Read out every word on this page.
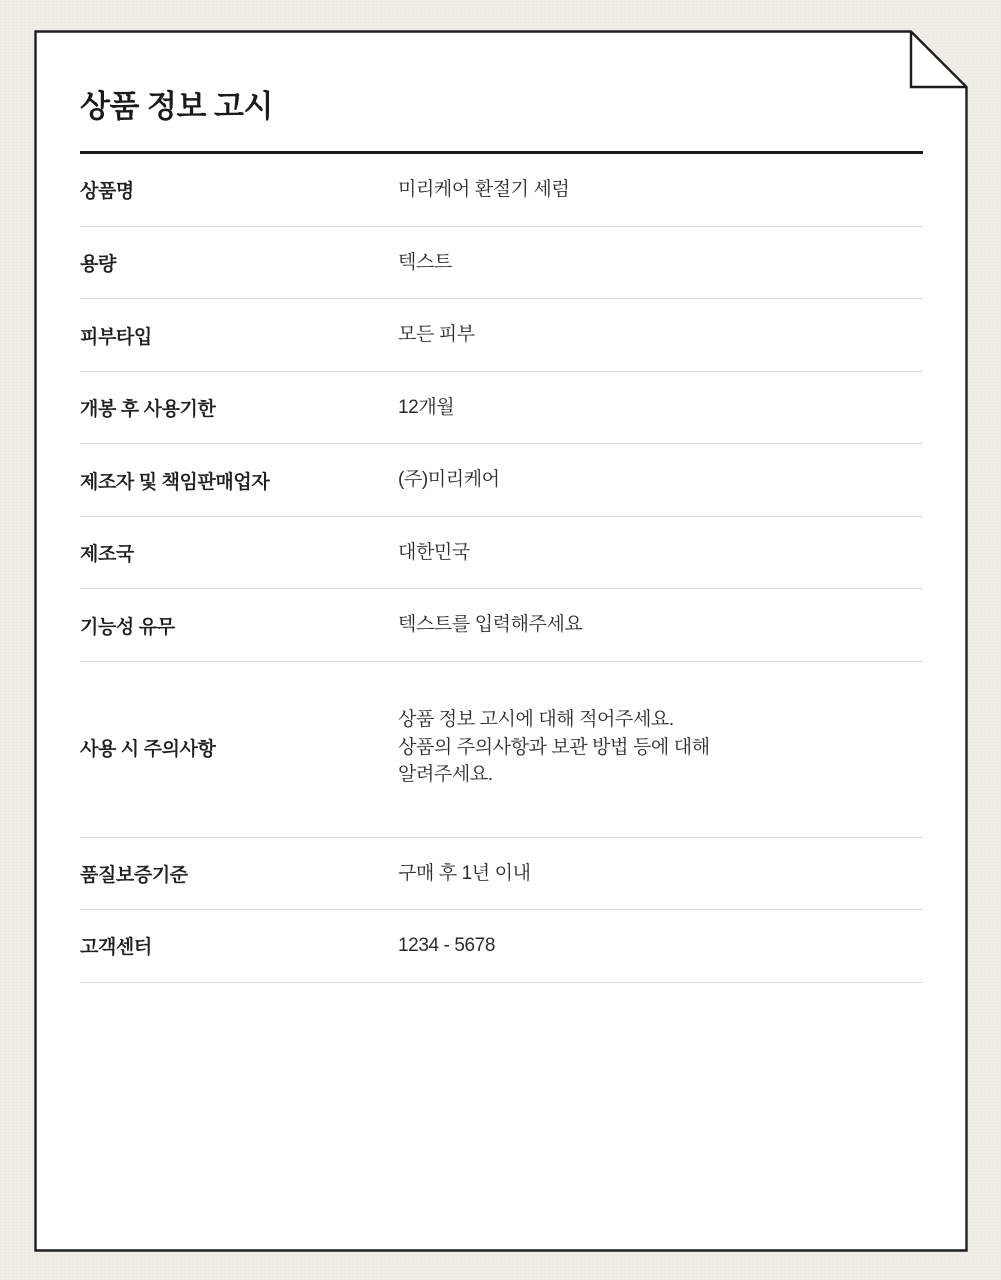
상품 정보 고시
상품명	미리케어 환절기 세럼
용량	텍스트
피부타입	모든 피부
개봉 후 사용기한	12개월
제조자 및 책임판매업자	(주)미리케어
제조국	대한민국
기능성 유무	텍스트를 입력해주세요
사용 시 주의사항	상품 정보 고시에 대해 적어주세요.
상품의 주의사항과 보관 방법 등에 대해
알려주세요.

품질보증기준	구매 후 1년 이내
고객센터	1234 - 5678
